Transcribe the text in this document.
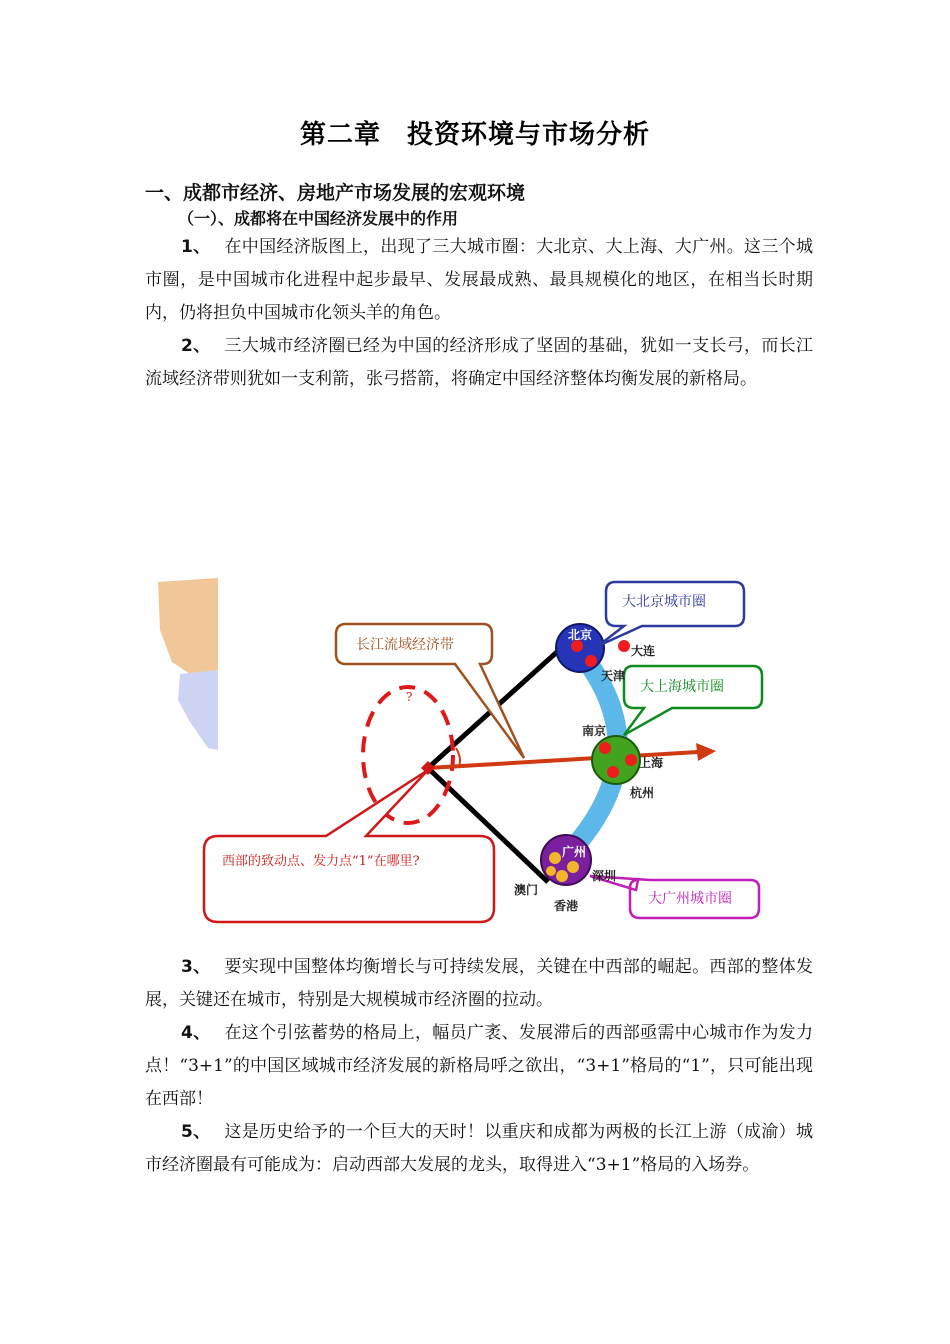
第二章 投资环境与市场分析
一、成都市经济、房地产市场发展的宏观环境
（一）、成都将在中国经济发展中的作用

1、 在中国经济版图上，出现了三大城市圈：大北京、大上海、大广州。这三个城市圈，是中国城市化进程中起步最早、发展最成熟、最具规模化的地区，在相当长时期内，仍将担负中国城市化领头羊的角色。

2、 三大城市经济圈已经为中国的经济形成了坚固的基础，犹如一支长弓，而长江流域经济带则犹如一支利箭，张弓搭箭，将确定中国经济整体均衡发展的新格局。

大北京城市圈

大上海城市圈

大广州城市圈

长江流域经济带

西部的致动点、发力点“1”在哪里?

?

北京

大连

天津

南京

上海

杭州

广州

深圳

澳门

香港

3、 要实现中国整体均衡增长与可持续发展，关键在中西部的崛起。西部的整体发展，关键还在城市，特别是大规模城市经济圈的拉动。

4、 在这个引弦蓄势的格局上，幅员广袤、发展滞后的西部亟需中心城市作为发力点！“3+1”的中国区域城市经济发展的新格局呼之欲出，“3+1”格局的“1”，只可能出现在西部！

5、 这是历史给予的一个巨大的天时！以重庆和成都为两极的长江上游（成渝）城市经济圈最有可能成为：启动西部大发展的龙头，取得进入“3+1”格局的入场券。
